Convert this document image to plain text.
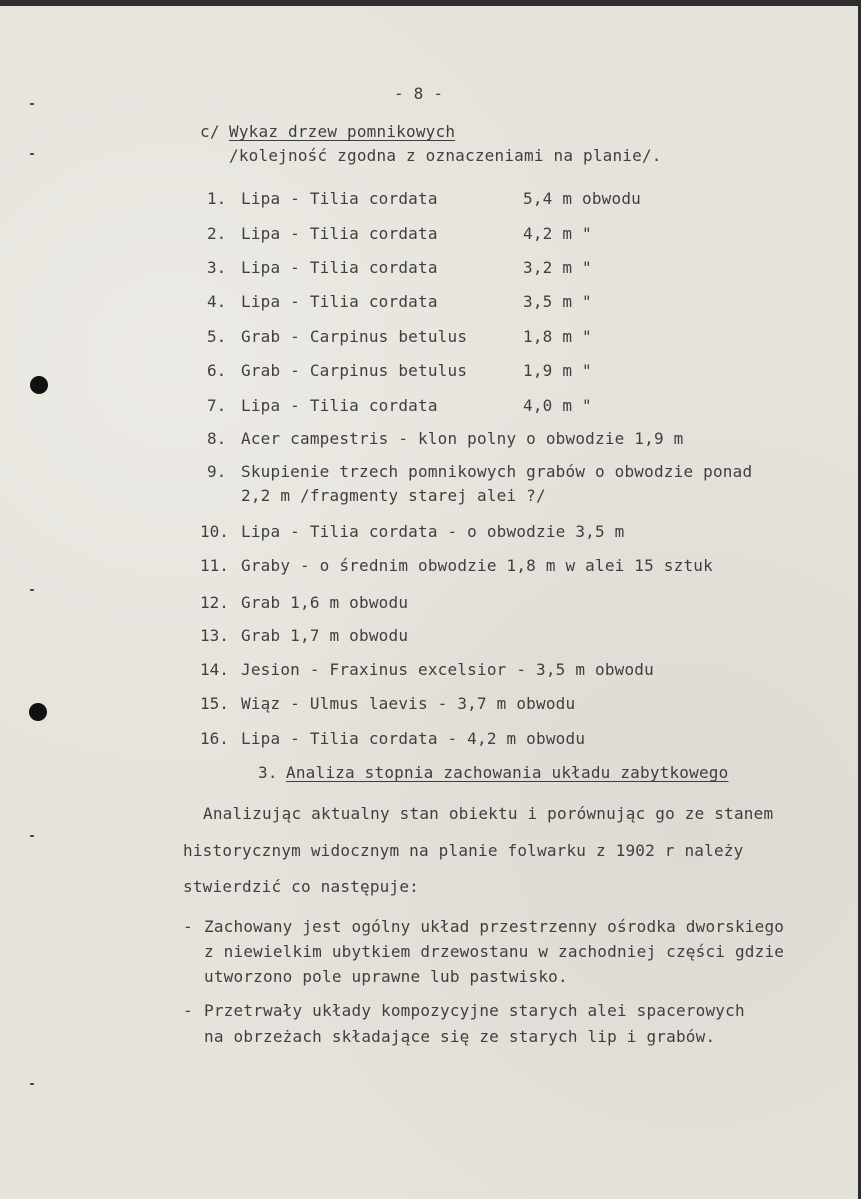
- 8 -
c/ Wykaz drzew pomnikowych
/kolejność zgodna z oznaczeniami na planie/.
1. Lipa - Tilia cordata	5,4 m obwodu
2. Lipa - Tilia cordata	4,2 m "
3. Lipa - Tilia cordata	3,2 m "
4. Lipa - Tilia cordata	3,5 m "
5. Grab - Carpinus betulus	1,8 m "
6. Grab - Carpinus betulus	1,9 m "
7. Lipa - Tilia cordata	4,0 m "
8. Acer campestris - klon polny o obwodzie 1,9 m
9. Skupienie trzech pomnikowych grabów o obwodzie ponad
2,2 m /fragmenty starej alei ?/
10. Lipa - Tilia cordata - o obwodzie 3,5 m
11. Graby - o średnim obwodzie 1,8 m w alei 15 sztuk
12. Grab 1,6 m obwodu
13. Grab 1,7 m obwodu
14. Jesion - Fraxinus excelsior - 3,5 m obwodu
15. Wiąz - Ulmus laevis - 3,7 m obwodu
16. Lipa - Tilia cordata - 4,2 m obwodu
3. Analiza stopnia zachowania układu zabytkowego
Analizując aktualny stan obiektu i porównując go ze stanem
historycznym widocznym na planie folwarku z 1902 r należy
stwierdzić co następuje:
- Zachowany jest ogólny układ przestrzenny ośrodka dworskiego
z niewielkim ubytkiem drzewostanu w zachodniej części gdzie
utworzono pole uprawne lub pastwisko.
- Przetrwały układy kompozycyjne starych alei spacerowych
na obrzeżach składające się ze starych lip i grabów.
